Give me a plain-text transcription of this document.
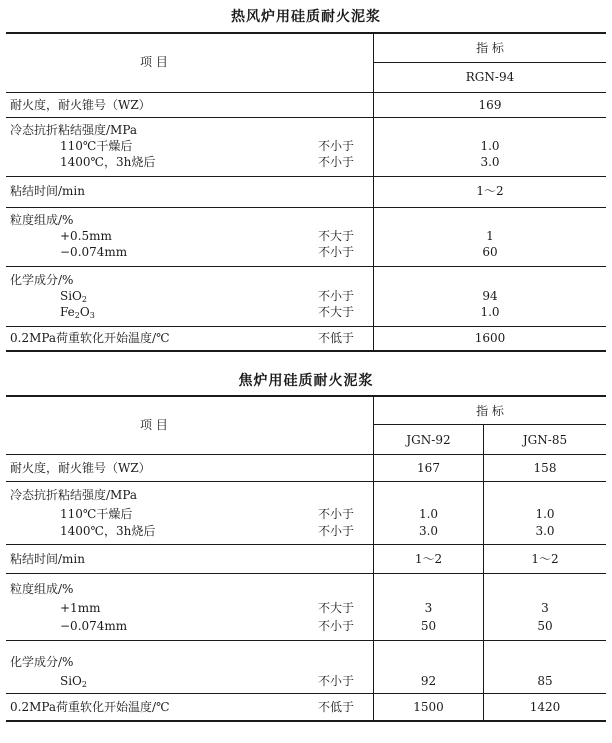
热风炉用硅质耐火泥浆
项 目
指 标
RGN-94
耐火度，耐火锥号（WZ）	169
冷态抗折粘结强度/MPa
110℃干燥后	不小于	1.0
1400℃，3h烧后	不小于	3.0
粘结时间/min	1～2
粒度组成/%
+0.5mm	不大于	1
−0.074mm	不小于	60
化学成分/%
SiO$_2$	不小于	94
$Fe_2O_3$	不大于	1.0
0.2MPa荷重软化开始温度/℃	不低于	1600
焦炉用硅质耐火泥浆
项 目
指 标
JGN-92	JGN-85
耐火度，耐火锥号（WZ）	167	158
冷态抗折粘结强度/MPa
110℃干燥后	不小于	1.0	1.0
1400℃，3h烧后	不小于	3.0	3.0
粘结时间/min	1～2	1～2
粒度组成/%
+1mm	不大于	3	3
−0.074mm	不小于	50	50
化学成分/%
SiO$_2$	不小于	92	85
0.2MPa荷重软化开始温度/℃	不低于	1500	1420
